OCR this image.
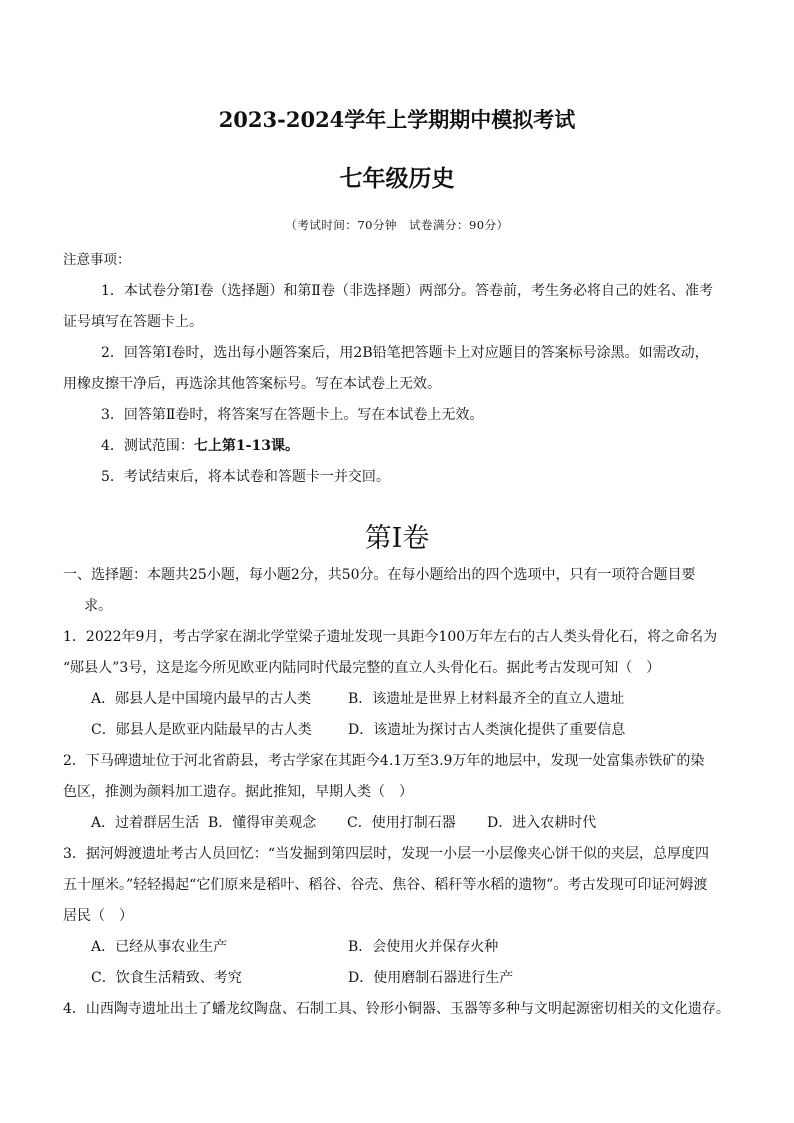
2023-2024学年上学期期中模拟考试
七年级历史
（考试时间：70分钟　试卷满分：90分）
注意事项：
1．本试卷分第Ⅰ卷（选择题）和第Ⅱ卷（非选择题）两部分。答卷前，考生务必将自己的姓名、准考
证号填写在答题卡上。
2．回答第Ⅰ卷时，选出每小题答案后，用2B铅笔把答题卡上对应题目的答案标号涂黑。如需改动，
用橡皮擦干净后，再选涂其他答案标号。写在本试卷上无效。
3．回答第Ⅱ卷时，将答案写在答题卡上。写在本试卷上无效。
4．测试范围：七上第1-13课。
5．考试结束后，将本试卷和答题卡一并交回。
第Ⅰ卷
一、选择题：本题共25小题，每小题2分，共50分。在每小题给出的四个选项中，只有一项符合题目要
求。
1．2022年9月，考古学家在湖北学堂梁子遗址发现一具距今100万年左右的古人类头骨化石，将之命名为
“郧县人”3号，这是迄今所见欧亚内陆同时代最完整的直立人头骨化石。据此考古发现可知（　）
A．郧县人是中国境内最早的古人类	B．该遗址是世界上材料最齐全的直立人遗址
C．郧县人是欧亚内陆最早的古人类	D．该遗址为探讨古人类演化提供了重要信息
2．下马碑遗址位于河北省蔚县，考古学家在其距今4.1万至3.9万年的地层中，发现一处富集赤铁矿的染
色区，推测为颜料加工遗存。据此推知，早期人类（　）
A．过着群居生活 B．懂得审美观念 C．使用打制石器 D．进入农耕时代
3．据河姆渡遗址考古人员回忆：“当发掘到第四层时，发现一小层一小层像夹心饼干似的夹层，总厚度四
五十厘米。”轻轻揭起“它们原来是稻叶、稻谷、谷壳、焦谷、稻秆等水稻的遗物”。考古发现可印证河姆渡
居民（　）
A．已经从事农业生产	B．会使用火并保存火种
C．饮食生活精致、考究	D．使用磨制石器进行生产
4．山西陶寺遗址出土了蟠龙纹陶盘、石制工具、铃形小铜器、玉器等多种与文明起源密切相关的文化遗存。
